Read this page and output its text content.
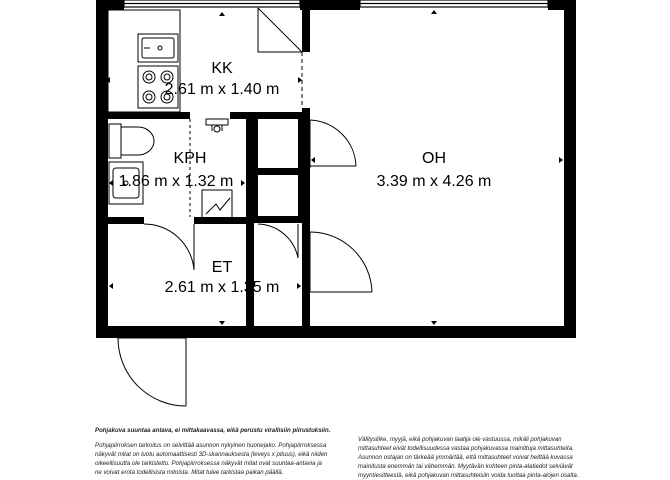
KK
2.61 m x 1.40 m
KPH
1.86 m x 1.32 m
OH
3.39 m x 4.26 m
ET
2.61 m x 1.35 m

Pohjakuva suuntaa antava, ei mittakaavassa, eikä perustu virallisiin piirustuksiin.

Pohjapiirroksen tarkoitus on selvittää asunnon nykyinen huonejako. Pohjapiirroksessa

näkyvät mitat on luotu automaattisesti 3D-skannauksesta (leveys x pituus), eikä niiden

oikeellisuutta ole tarkistettu. Pohjapiirroksessa näkyvät mitat ovat suuntaa-antavia ja

ne voivat erota todellisista mitoista. Mitat tulee tarkistaa paikan päällä.

Välitysliike, myyjä, eikä pohjakuvan laatija ole vastuussa, mikäli pohjakuvan

mittasuhteet eivät todellisuudessa vastaa pohjakuvassa mainittuja mittasuhteita.

Asunnon ostajan on tärkeää ymmärtää, että mittasuhteet voivat heittää kuvassa

mainitusta enemmän tai vähemmän. Myytävän kohteen pinta-alatiedot selviävät

myyntiesitteestä, eikä pohjakuvan mittasuhteisiin voida luottaa pinta-alojen osalta.
